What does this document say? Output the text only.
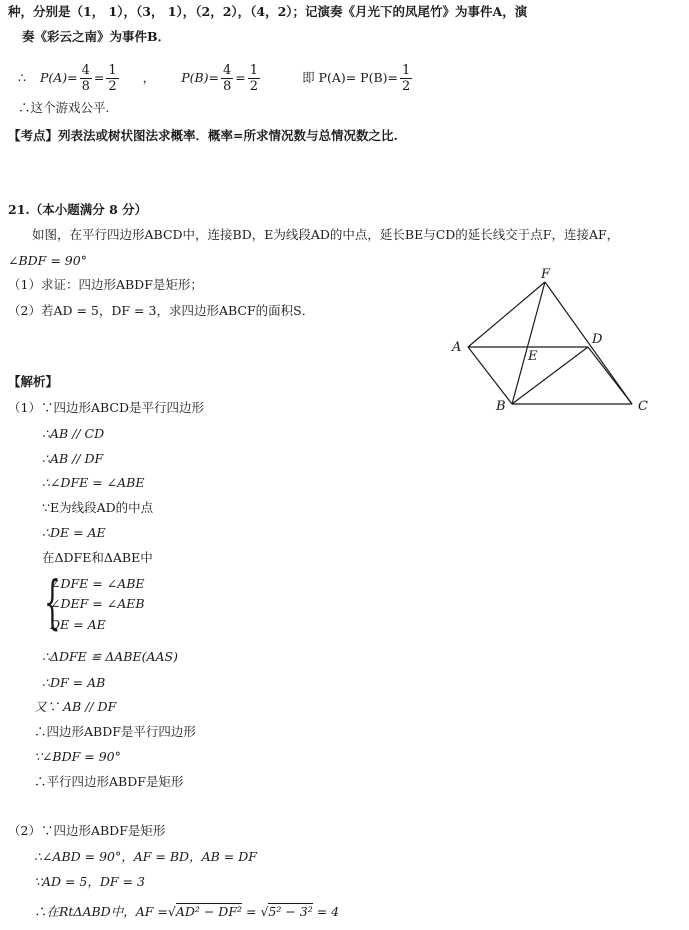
种，分别是（1， 1），（3， 1），（2，2），（4，2）；记演奏《月光下的凤尾竹》为事件A，演
奏《彩云之南》为事件B．
∴ $P(A)= \frac{4}{8} = \frac{1}{2}$ ， $P(B)= \frac{4}{8} = \frac{1}{2}$	即 $P(A)= P(B)= \frac{1}{2}$
∴这个游戏公平.
【考点】列表法或树状图法求概率．概率=所求情况数与总情况数之比.
21.（本小题满分 8 分）
如图，在平行四边形ABCD中，连接BD，E为线段AD的中点，延长BE与CD的延长线交于点F，连接AF，
∠BDF = 90°
（1）求证：四边形ABDF是矩形；
（2）若AD = 5，DF = 3，求四边形ABCF的面积S．
F
A
D
E
B	C
【解析】
（1）∵四边形ABCD是平行四边形
∴AB // CD
∴AB // DF
∴∠DFE = ∠ABE
∵E为线段AD的中点
∴DE = AE
在ΔDFE和ΔABE中
{
∠DFE = ∠ABE
∠DEF = ∠AEB
DE = AE
∴ΔDFE ≌ ΔABE(AAS)
∴DF = AB
又∵ AB // DF
∴四边形ABDF是平行四边形
∵∠BDF = 90°
∴平行四边形ABDF是矩形
（2）∵四边形ABDF是矩形
∴∠ABD = 90°，AF = BD，AB = DF
∵AD = 5，DF = 3
∴在RtΔABD中，AF =√AD² − DF² = √5² − 3² = 4
